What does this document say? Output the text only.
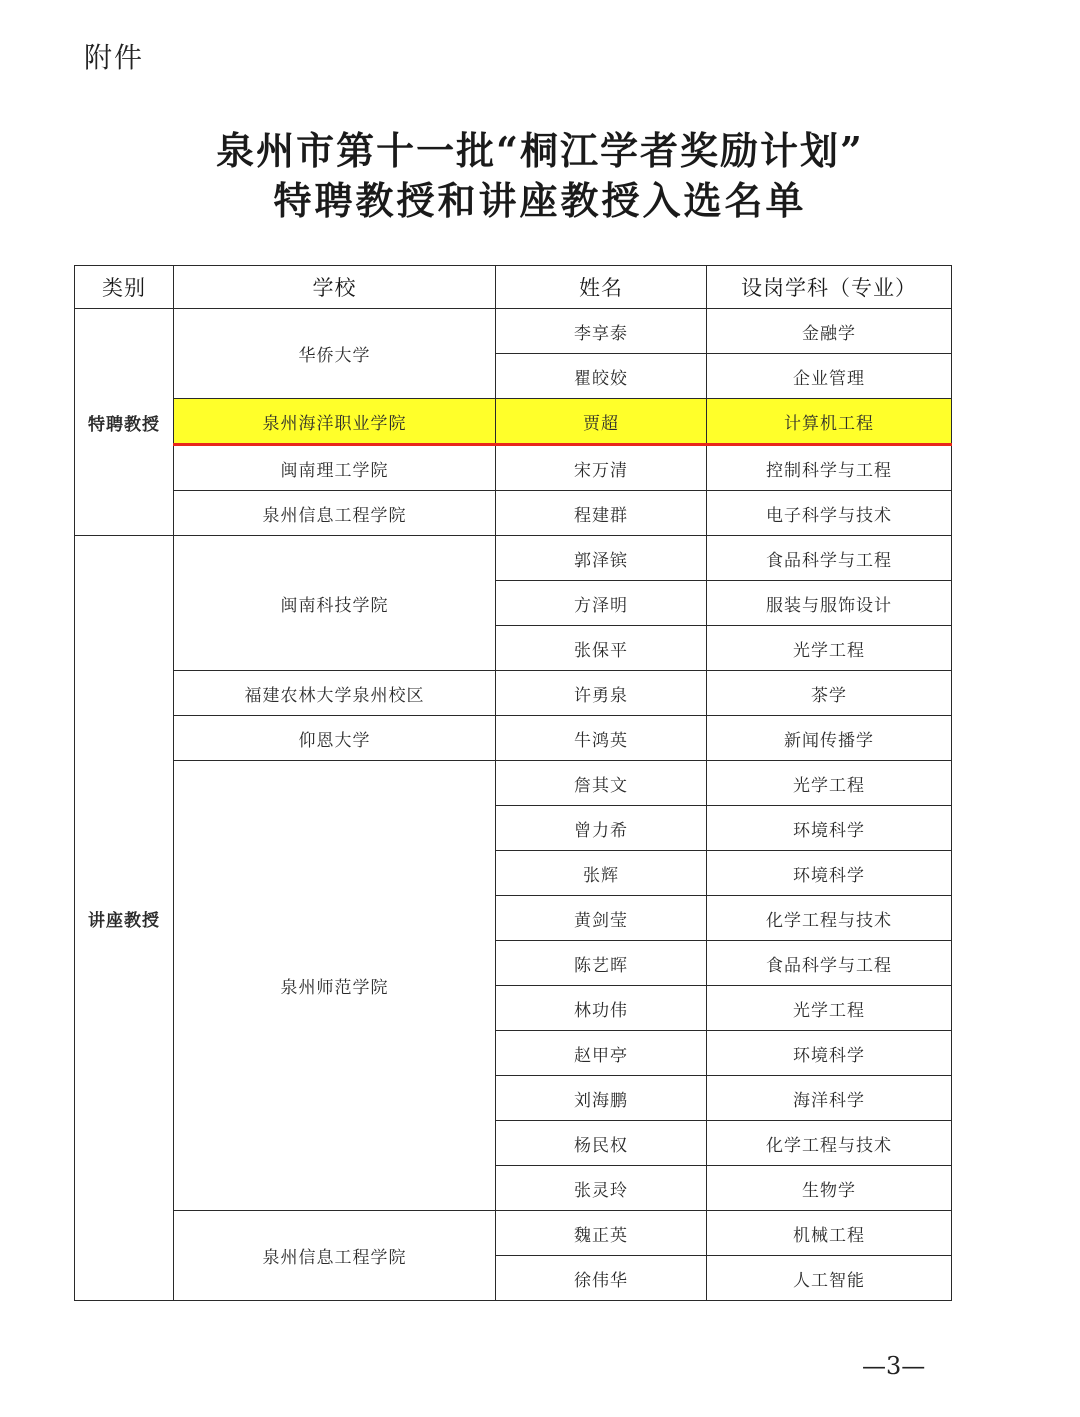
附件
泉州市第十一批“桐江学者奖励计划”
特聘教授和讲座教授入选名单
类别	学校	姓名	设岗学科（专业）
特聘教授	华侨大学	李享泰	金融学
		瞿皎姣	企业管理
	泉州海洋职业学院	贾超	计算机工程
	闽南理工学院	宋万清	控制科学与工程
	泉州信息工程学院	程建群	电子科学与技术
讲座教授	闽南科技学院	郭泽镔	食品科学与工程
		方泽明	服装与服饰设计
		张保平	光学工程
	福建农林大学泉州校区	许勇泉	茶学
	仰恩大学	牛鸿英	新闻传播学
	泉州师范学院	詹其文	光学工程
		曾力希	环境科学
		张辉	环境科学
		黄剑莹	化学工程与技术
		陈艺晖	食品科学与工程
		林功伟	光学工程
		赵甲亭	环境科学
		刘海鹏	海洋科学
		杨民权	化学工程与技术
		张灵玲	生物学
	泉州信息工程学院	魏正英	机械工程
		徐伟华	人工智能
—3—
